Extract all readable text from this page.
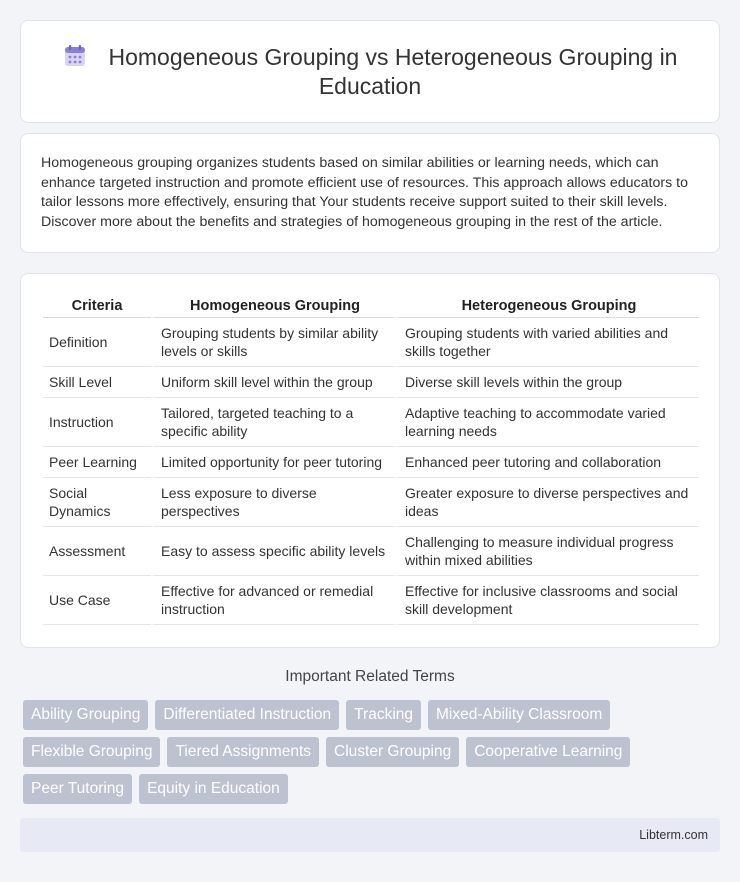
Homogeneous Grouping vs Heterogeneous Grouping in Education

Homogeneous grouping organizes students based on similar abilities or learning needs, which can enhance targeted instruction and promote efficient use of resources. This approach allows educators to tailor lessons more effectively, ensuring that Your students receive support suited to their skill levels. Discover more about the benefits and strategies of homogeneous grouping in the rest of the article.

Criteria	Homogeneous Grouping	Heterogeneous Grouping
Definition	Grouping students by similar ability levels or skills	Grouping students with varied abilities and skills together
Skill Level	Uniform skill level within the group	Diverse skill levels within the group
Instruction	Tailored, targeted teaching to a specific ability	Adaptive teaching to accommodate varied learning needs
Peer Learning	Limited opportunity for peer tutoring	Enhanced peer tutoring and collaboration
Social Dynamics	Less exposure to diverse perspectives	Greater exposure to diverse perspectives and ideas
Assessment	Easy to assess specific ability levels	Challenging to measure individual progress within mixed abilities
Use Case	Effective for advanced or remedial instruction	Effective for inclusive classrooms and social skill development
Important Related Terms
Ability Grouping	Differentiated Instruction	Tracking	Mixed-Ability Classroom
Flexible Grouping	Tiered Assignments	Cluster Grouping	Cooperative Learning
Peer Tutoring	Equity in Education
Libterm.com
